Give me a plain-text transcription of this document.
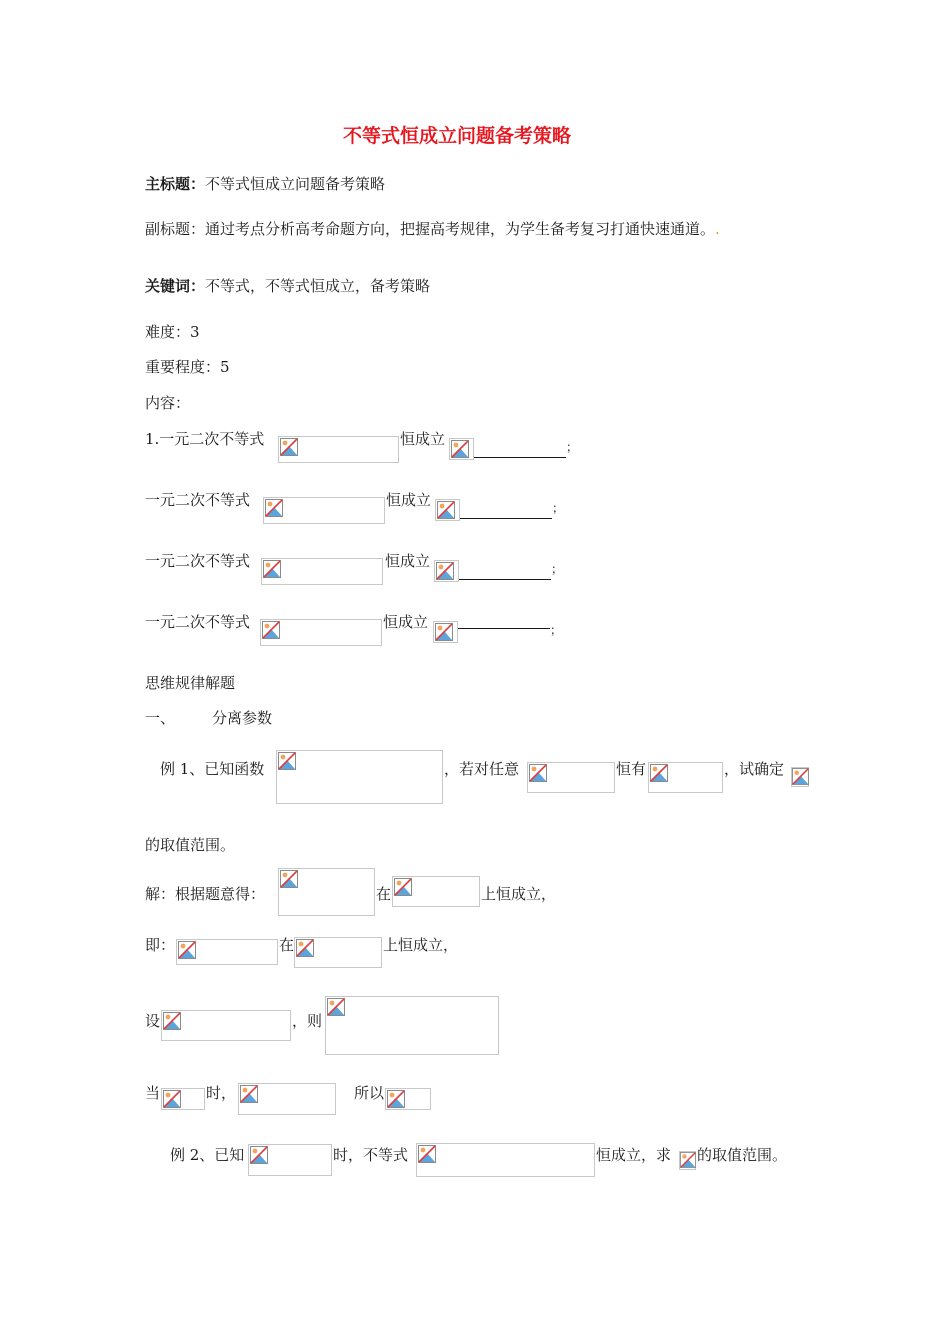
不等式恒成立问题备考策略
主标题：不等式恒成立问题备考策略
副标题：通过考点分析高考命题方向，把握高考规律，为学生备考复习打通快速通道。.
关键词：不等式，不等式恒成立，备考策略
难度：3
重要程度：5
内容：
1.一元二次不等式	恒成立	；
一元二次不等式	恒成立	；
一元二次不等式	恒成立	；
一元二次不等式	恒成立	；
思维规律解题
一、 分离参数
例 1、已知函数	，若对任意	恒有	，试确定
的取值范围。
解：根据题意得：	在	上恒成立，
即：	在	上恒成立，
设	，则
当	时，	所以
例 2、已知	时，不等式	恒成立，求 的取值范围。
